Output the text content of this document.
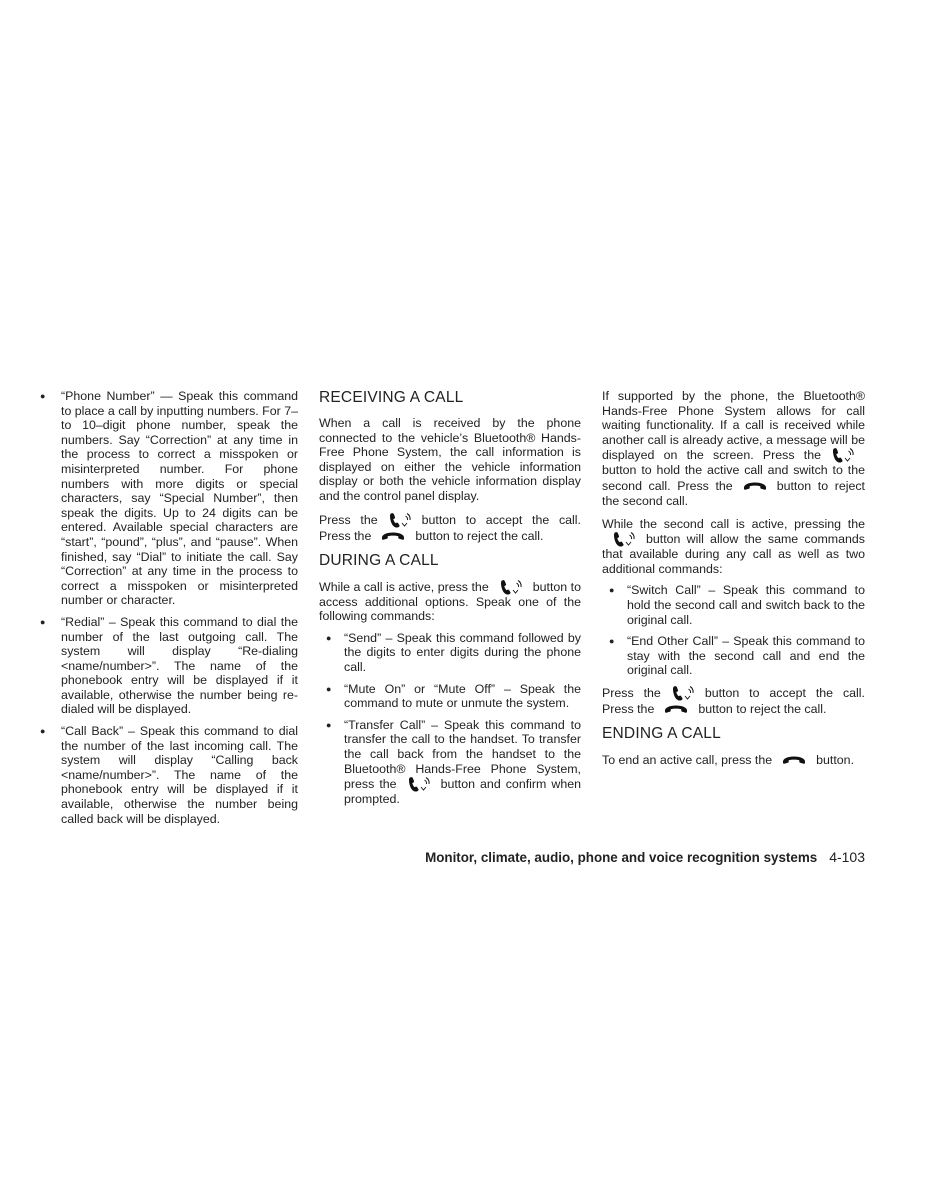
● “Phone Number” — Speak this command to place a call by inputting numbers. For 7– to 10–digit phone number, speak the numbers. Say “Correction” at any time in the process to correct a misspoken or misinterpreted number. For phone numbers with more digits or special characters, say “Special Number”, then speak the digits. Up to 24 digits can be entered. Available special characters are “start”, “pound”, “plus”, and “pause”. When finished, say “Dial” to initiate the call. Say “Correction” at any time in the process to correct a misspoken or misinterpreted number or character.
● “Redial” – Speak this command to dial the number of the last outgoing call. The system will display “Re-dialing <name/number>”. The name of the phonebook entry will be displayed if it available, otherwise the number being re-dialed will be displayed.
● “Call Back” – Speak this command to dial the number of the last incoming call. The system will display “Calling back <name/number>”. The name of the phonebook entry will be displayed if it available, otherwise the number being called back will be displayed.
RECEIVING A CALL

When a call is received by the phone connected to the vehicle’s Bluetooth® Hands-Free Phone System, the call information is displayed on either the vehicle information display or both the vehicle information display and the control panel display.

Press the	button to accept the call. Press the	button to reject the call.

DURING A CALL

While a call is active, press the	button to access additional options. Speak one of the following commands:

● “Send” – Speak this command followed by the digits to enter digits during the phone call.
● “Mute On” or “Mute Off” – Speak the command to mute or unmute the system.
● “Transfer Call” – Speak this command to transfer the call to the handset. To transfer the call back from the handset to the Bluetooth® Hands-Free Phone System, press the	button and confirm when prompted.

If supported by the phone, the Bluetooth® Hands-Free Phone System allows for call waiting functionality. If a call is received while another call is already active, a message will be displayed on the screen. Press the
button to hold the active call and switch to the second call. Press the	button to reject the second call.

While the second call is active, pressing the
button will allow the same commands that available during any call as well as two additional commands:

● “Switch Call” – Speak this command to hold the second call and switch back to the original call.
● “End Other Call” – Speak this command to stay with the second call and end the original call.

Press the	button to accept the call. Press the	button to reject the call.

ENDING A CALL

To end an active call, press the	button.

Monitor, climate, audio, phone and voice recognition systems 4-103
